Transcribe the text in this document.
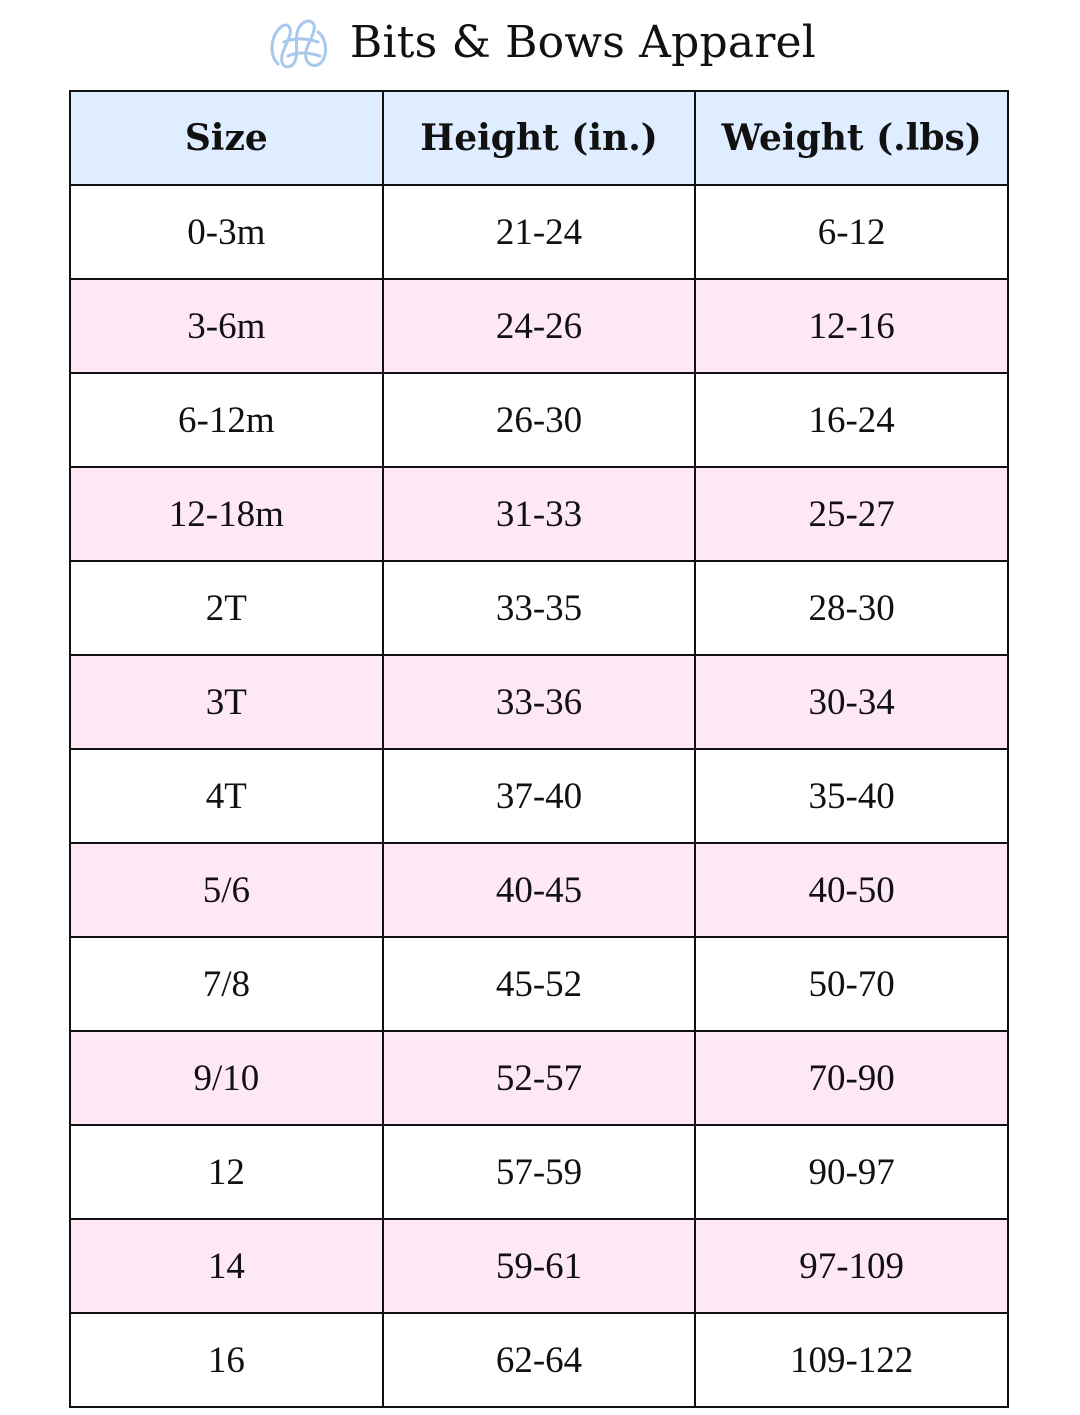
Bits & Bows Apparel
Size	Height (in.)	Weight (.lbs)
0-3m	21-24	6-12
3-6m	24-26	12-16
6-12m	26-30	16-24
12-18m	31-33	25-27
2T	33-35	28-30
3T	33-36	30-34
4T	37-40	35-40
5/6	40-45	40-50
7/8	45-52	50-70
9/10	52-57	70-90
12	57-59	90-97
14	59-61	97-109
16	62-64	109-122
